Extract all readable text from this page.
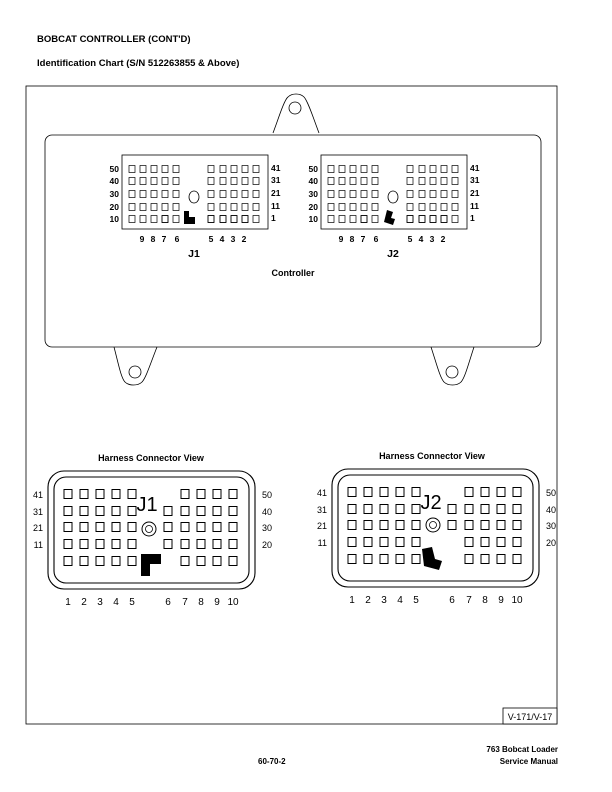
BOBCAT CONTROLLER (CONT'D)
Identification Chart (S/N 512263855 & Above)
V-171/V-17
Controller
50
40
30
20
10
41
31
21
11
1
9 8 7 6	5 4 3 2
J1
50
40
30
20
10
41
31
21
11
1
9 8 7 6	5 4 3 2
J2
Harness Connector View	Harness Connector View
J1
41
31
21
11
50
40
30
20
1 2 3 4 5	6 7 8 9 10
J2
41
31
21
11
50
40
30
20
1 2 3 4 5	6 7 8 9 10
60-70-2
763 Bobcat Loader
Service Manual
